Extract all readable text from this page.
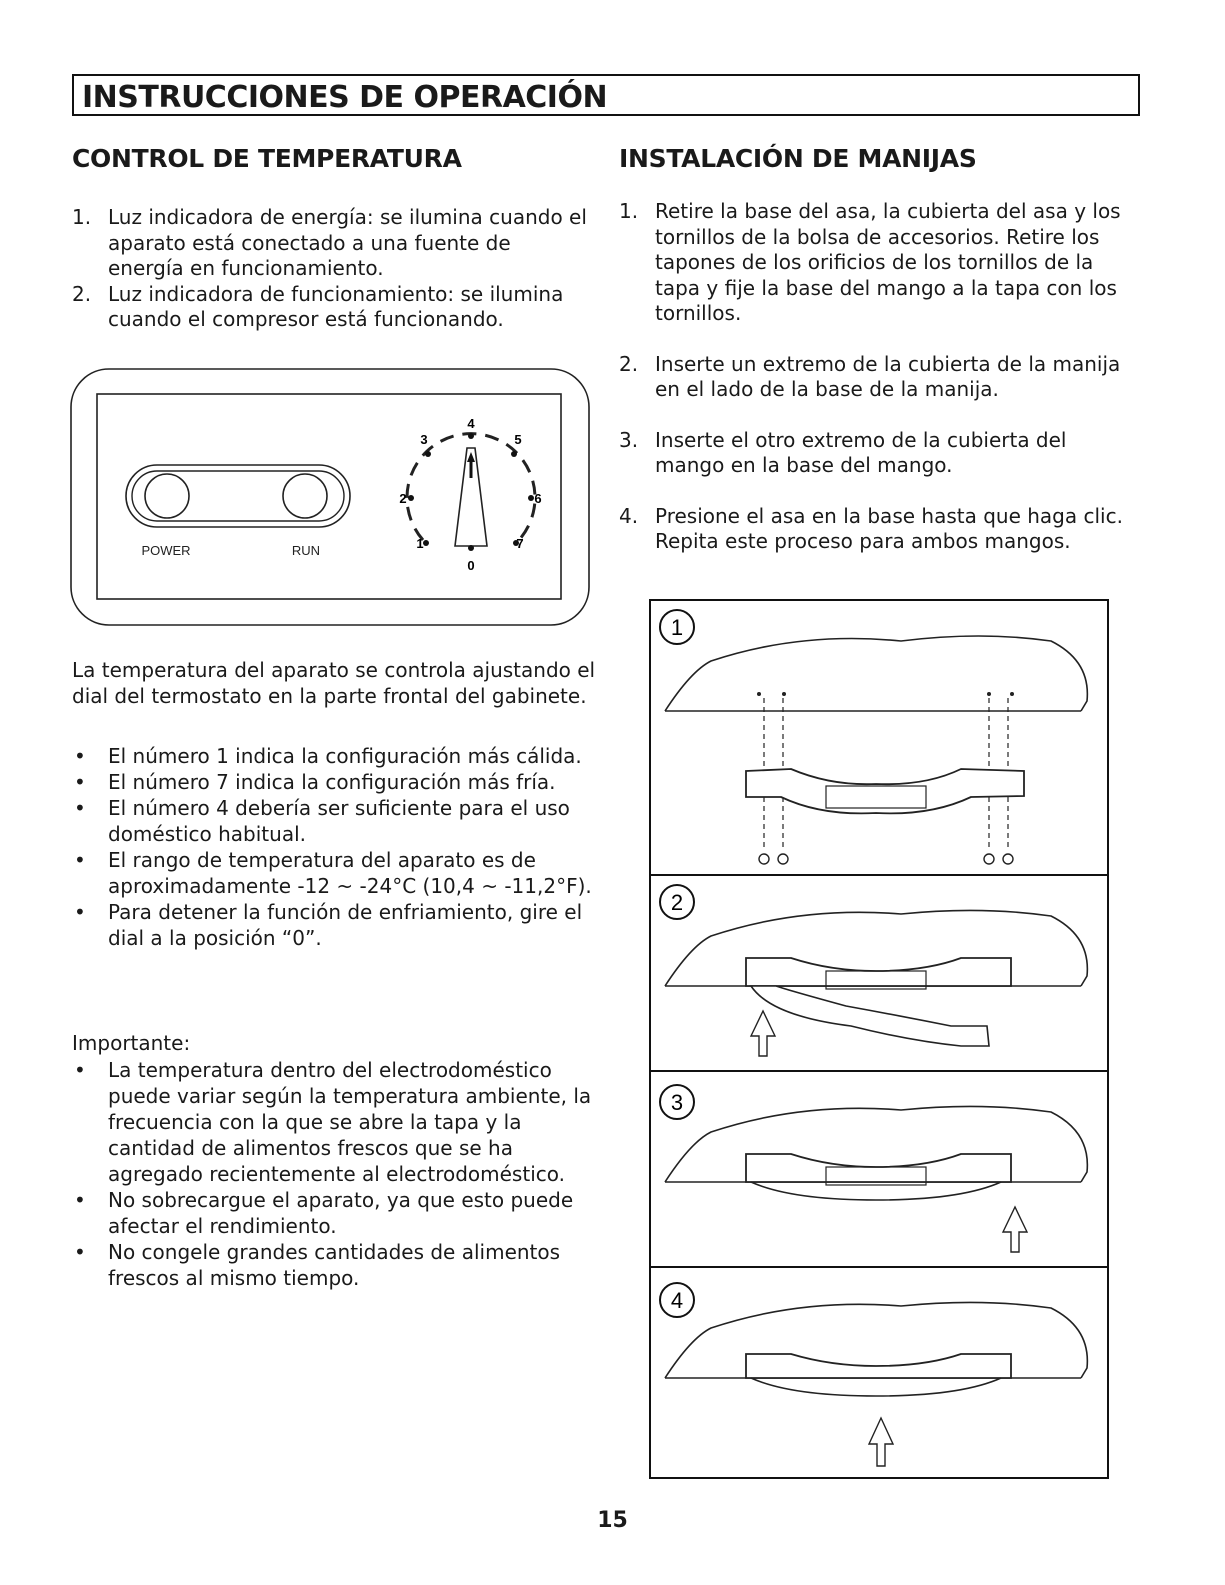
INSTRUCCIONES DE OPERACIÓN
CONTROL DE TEMPERATURA
1. Luz indicadora de energía: se ilumina cuando el aparato está conectado a una fuente de energía en funcionamiento.
2. Luz indicadora de funcionamiento: se ilumina cuando el compresor está funcionando.
POWER	RUN
0
1
2
3
4
5
6
7

La temperatura del aparato se controla ajustando el dial del termostato en la parte frontal del gabinete.

• El número 1 indica la configuración más cálida.
• El número 7 indica la configuración más fría.
• El número 4 debería ser suficiente para el uso doméstico habitual.
• El rango de temperatura del aparato es de aproximadamente -12 ~ -24°C (10,4 ~ -11,2°F).
• Para detener la función de enfriamiento, gire el dial a la posición “0”.

Importante:

• La temperatura dentro del electrodoméstico puede variar según la temperatura ambiente, la frecuencia con la que se abre la tapa y la cantidad de alimentos frescos que se ha agregado recientemente al electrodoméstico.
• No sobrecargue el aparato, ya que esto puede afectar el rendimiento.
• No congele grandes cantidades de alimentos frescos al mismo tiempo.
INSTALACIÓN DE MANIJAS
1. Retire la base del asa, la cubierta del asa y los tornillos de la bolsa de accesorios. Retire los tapones de los orificios de los tornillos de la tapa y fije la base del mango a la tapa con los tornillos.
2. Inserte un extremo de la cubierta de la manija en el lado de la base de la manija.
3. Inserte el otro extremo de la cubierta del mango en la base del mango.
4. Presione el asa en la base hasta que haga clic. Repita este proceso para ambos mangos.
1
2
3
4
15
